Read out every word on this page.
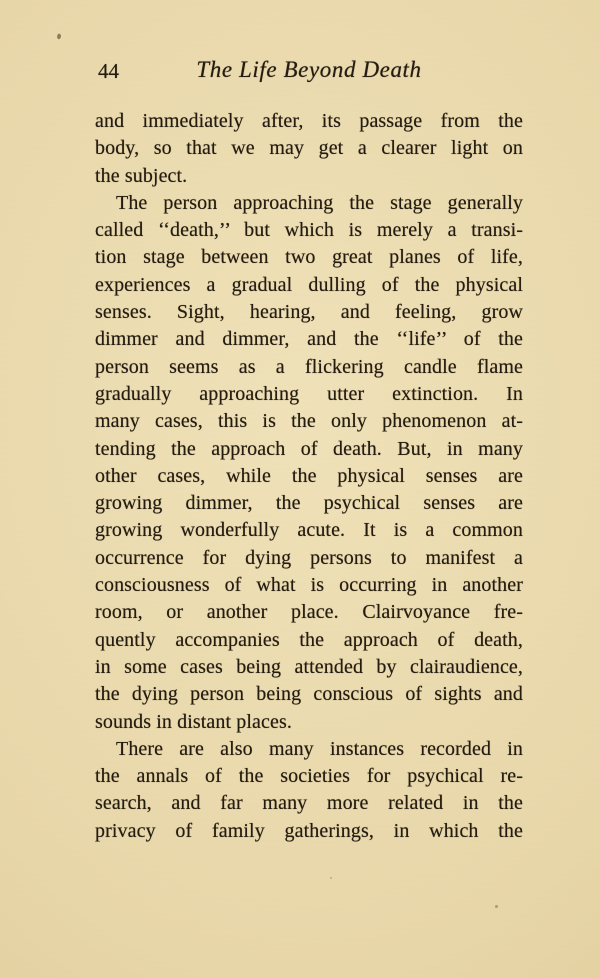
44	The Life Beyond Death
and immediately after, its passage from the
body, so that we may get a clearer light on
the subject.
The person approaching the stage generally
called ‘‘death,’’ but which is merely a transi-
tion stage between two great planes of life,
experiences a gradual dulling of the physical
senses. Sight, hearing, and feeling, grow
dimmer and dimmer, and the ‘‘life’’ of the
person seems as a flickering candle flame
gradually approaching utter extinction. In
many cases, this is the only phenomenon at-
tending the approach of death. But, in many
other cases, while the physical senses are
growing dimmer, the psychical senses are
growing wonderfully acute. It is a common
occurrence for dying persons to manifest a
consciousness of what is occurring in another
room, or another place. Clairvoyance fre-
quently accompanies the approach of death,
in some cases being attended by clairaudience,
the dying person being conscious of sights and
sounds in distant places.
There are also many instances recorded in
the annals of the societies for psychical re-
search, and far many more related in the
privacy of family gatherings, in which the
